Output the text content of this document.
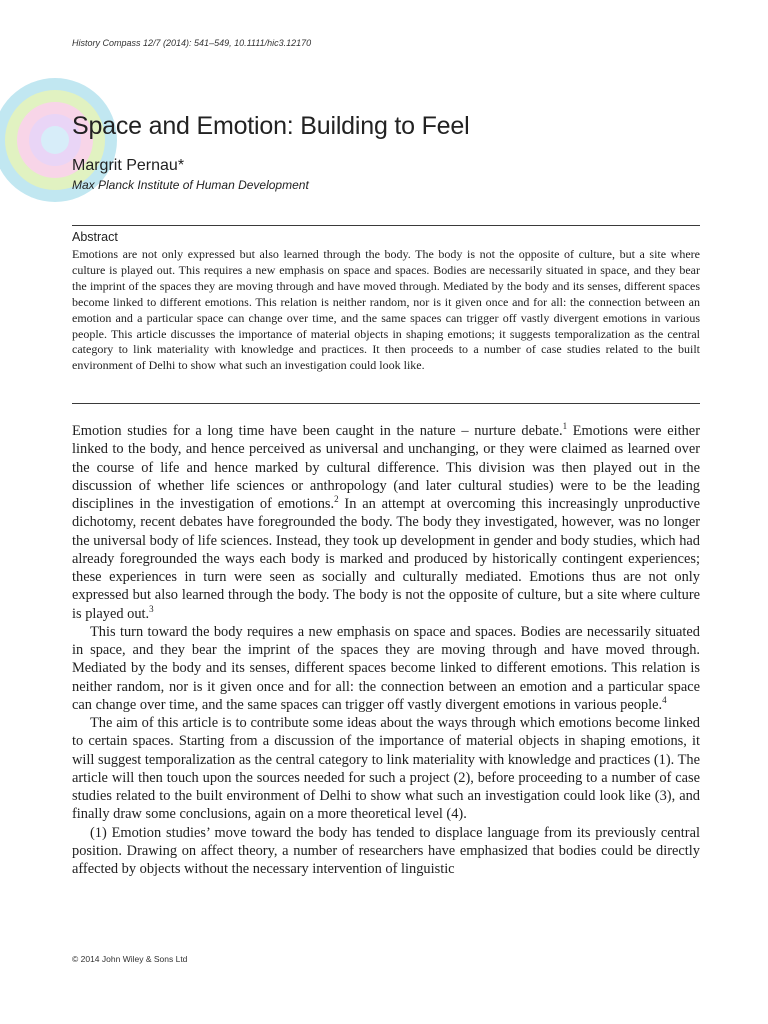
History Compass 12/7 (2014): 541–549, 10.1111/hic3.12170
Space and Emotion: Building to Feel
Margrit Pernau*
Max Planck Institute of Human Development
Abstract

Emotions are not only expressed but also learned through the body. The body is not the opposite of culture, but a site where culture is played out. This requires a new emphasis on space and spaces. Bodies are necessarily situated in space, and they bear the imprint of the spaces they are moving through and have moved through. Mediated by the body and its senses, different spaces become linked to different emotions. This relation is neither random, nor is it given once and for all: the connection between an emotion and a particular space can change over time, and the same spaces can trigger off vastly divergent emotions in various people. This article discusses the importance of material objects in shaping emotions; it suggests temporalization as the central category to link materiality with knowledge and practices. It then proceeds to a number of case studies related to the built environment of Delhi to show what such an investigation could look like.

Emotion studies for a long time have been caught in the nature – nurture debate.$^1$ Emotions were either linked to the body, and hence perceived as universal and unchanging, or they were claimed as learned over the course of life and hence marked by cultural difference. This division was then played out in the discussion of whether life sciences or anthropology (and later cultural studies) were to be the leading disciplines in the investigation of emotions.$^2$ In an attempt at overcoming this increasingly unproductive dichotomy, recent debates have foregrounded the body. The body they investigated, however, was no longer the universal body of life sciences. Instead, they took up development in gender and body studies, which had already foregrounded the ways each body is marked and produced by historically contingent experiences; these experiences in turn were seen as socially and culturally mediated. Emotions thus are not only expressed but also learned through the body. The body is not the opposite of culture, but a site where culture is played out.$^3$

This turn toward the body requires a new emphasis on space and spaces. Bodies are necessarily situated in space, and they bear the imprint of the spaces they are moving through and have moved through. Mediated by the body and its senses, different spaces become linked to different emotions. This relation is neither random, nor is it given once and for all: the connection between an emotion and a particular space can change over time, and the same spaces can trigger off vastly divergent emotions in various people.$^4$

The aim of this article is to contribute some ideas about the ways through which emotions become linked to certain spaces. Starting from a discussion of the importance of material objects in shaping emotions, it will suggest temporalization as the central category to link materiality with knowledge and practices (1). The article will then touch upon the sources needed for such a project (2), before proceeding to a number of case studies related to the built environment of Delhi to show what such an investigation could look like (3), and finally draw some conclusions, again on a more theoretical level (4).

(1) Emotion studies’ move toward the body has tended to displace language from its previously central position. Drawing on affect theory, a number of researchers have emphasized that bodies could be directly affected by objects without the necessary intervention of linguistic

© 2014 John Wiley & Sons Ltd
